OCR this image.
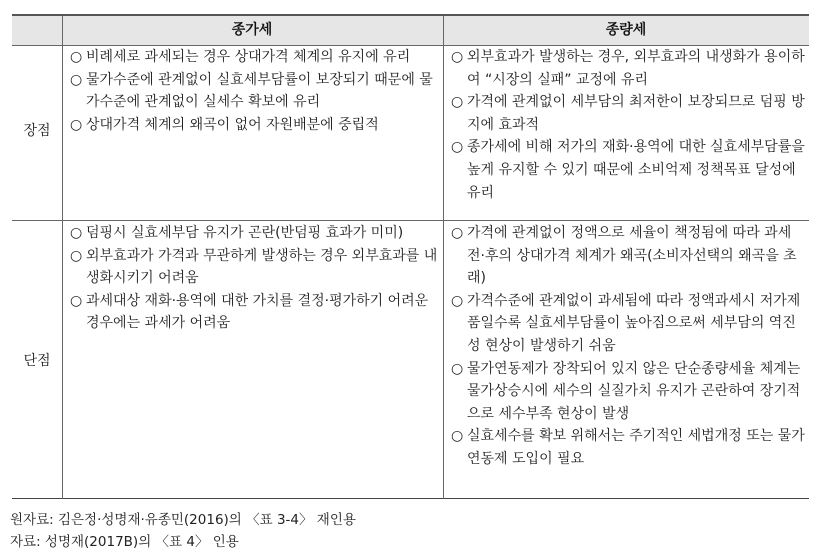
종가세	종량세
장점
○ 비례세로 과세되는 경우 상대가격 체계의 유지에 유리
○ 물가수준에 관계없이 실효세부담률이 보장되기 때문에 물가수준에 관계없이 실세수 확보에 유리
○ 상대가격 체계의 왜곡이 없어 자원배분에 중립적
○ 외부효과가 발생하는 경우, 외부효과의 내생화가 용이하여 “시장의 실패” 교정에 유리
○ 가격에 관계없이 세부담의 최저한이 보장되므로 덤핑 방지에 효과적
○ 종가세에 비해 저가의 재화·용역에 대한 실효세부담률을 높게 유지할 수 있기 때문에 소비억제 정책목표 달성에 유리
단점
○ 덤핑시 실효세부담 유지가 곤란(반덤핑 효과가 미미)
○ 외부효과가 가격과 무관하게 발생하는 경우 외부효과를 내생화시키기 어려움
○ 과세대상 재화·용역에 대한 가치를 결정·평가하기 어려운 경우에는 과세가 어려움
○ 가격에 관계없이 정액으로 세율이 책정됨에 따라 과세 전·후의 상대가격 체계가 왜곡(소비자선택의 왜곡을 초래)
○ 가격수준에 관계없이 과세됨에 따라 정액과세시 저가제품일수록 실효세부담률이 높아짐으로써 세부담의 역진성 현상이 발생하기 쉬움
○ 물가연동제가 장착되어 있지 않은 단순종량세율 체계는 물가상승시에 세수의 실질가치 유지가 곤란하여 장기적으로 세수부족 현상이 발생
○ 실효세수를 확보 위해서는 주기적인 세법개정 또는 물가연동제 도입이 필요
원자료: 김은정·성명재·유종민(2016)의 〈표 3-4〉 재인용
자료: 성명재(2017B)의 〈표 4〉 인용
